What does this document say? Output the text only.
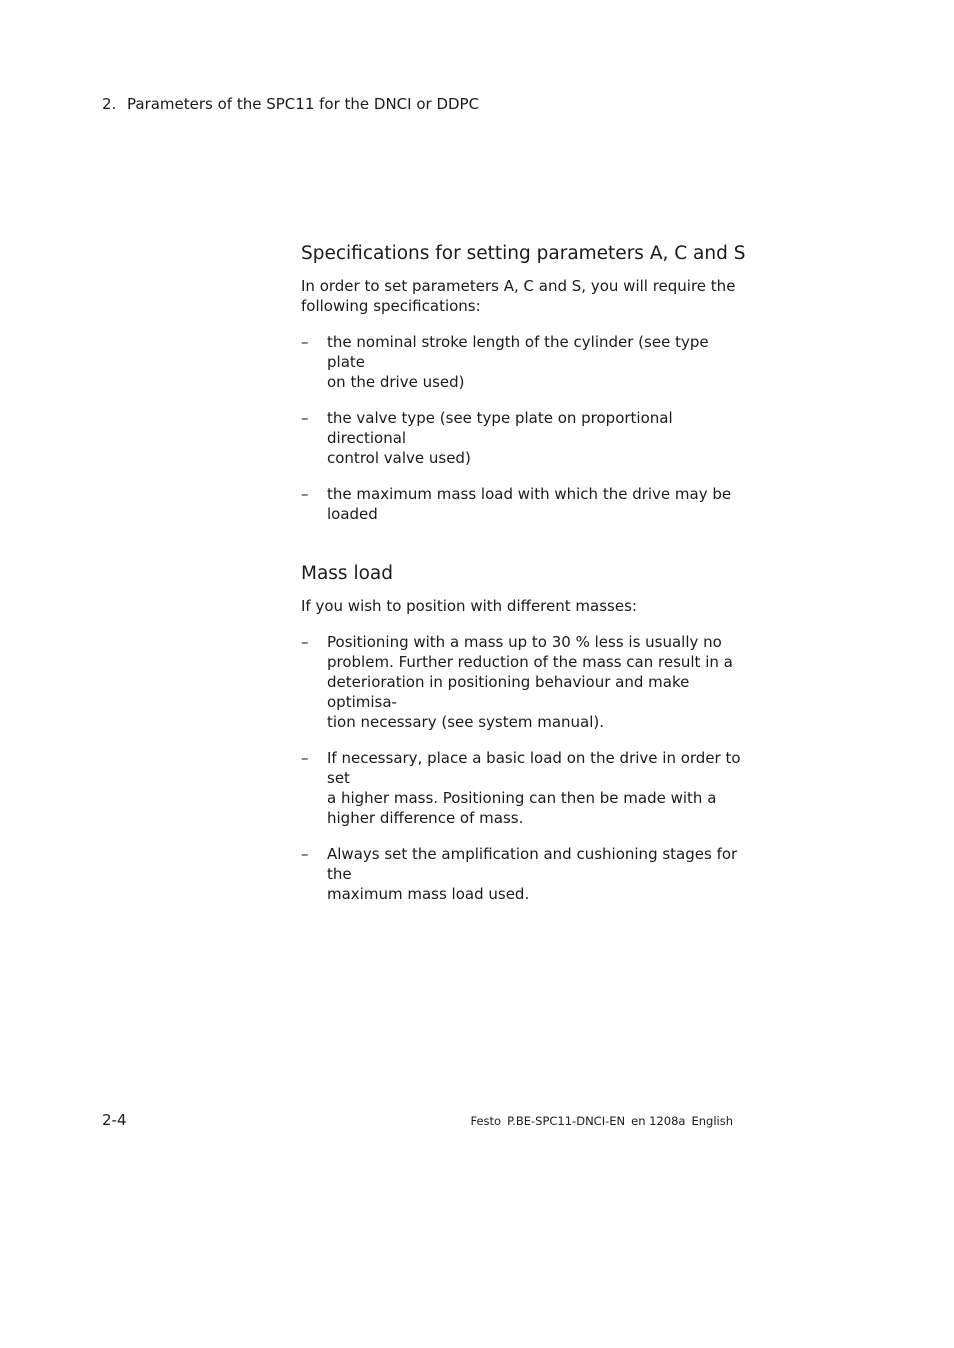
2. Parameters of the SPC11 for the DNCI or DDPC
Specifications for setting parameters A, C and S

In order to set parameters A, C and S, you will require the following specifications:

– the nominal stroke length of the cylinder (see type plate
on the drive used)
– the valve type (see type plate on proportional directional
control valve used)
– the maximum mass load with which the drive may be
loaded
Mass load

If you wish to position with different masses:

– Positioning with a mass up to 30 % less is usually no
problem. Further reduction of the mass can result in a
deterioration in positioning behaviour and make optimisa-
tion necessary (see system manual).
– If necessary, place a basic load on the drive in order to set
a higher mass. Positioning can then be made with a
higher difference of mass.
– Always set the amplification and cushioning stages for the
maximum mass load used.
2-4	Festo P.BE-SPC11-DNCI-EN en 1208a English
